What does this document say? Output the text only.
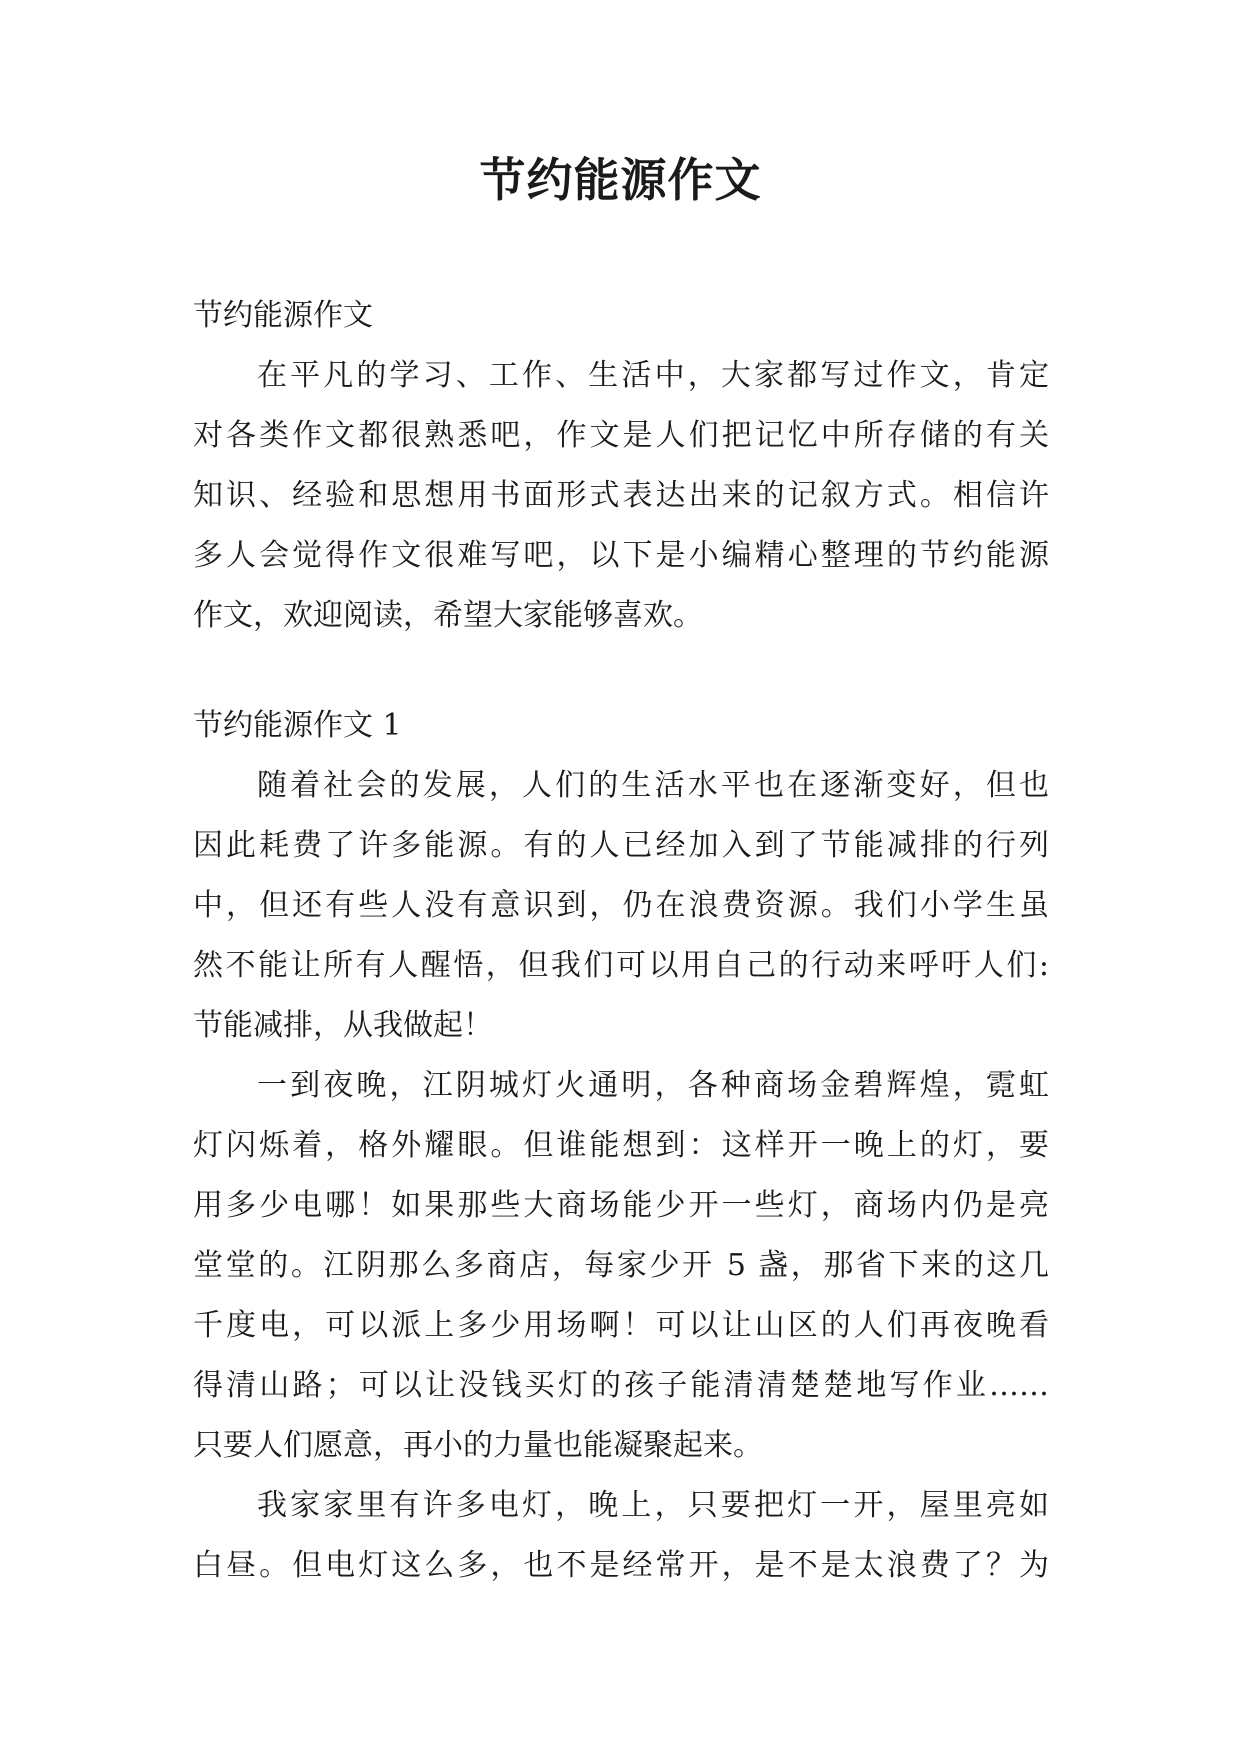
节约能源作文
节约能源作文
在平凡的学习、工作、生活中，大家都写过作文，肯定
对各类作文都很熟悉吧，作文是人们把记忆中所存储的有关
知识、经验和思想用书面形式表达出来的记叙方式。相信许
多人会觉得作文很难写吧，以下是小编精心整理的节约能源
作文，欢迎阅读，希望大家能够喜欢。
节约能源作文 1
随着社会的发展，人们的生活水平也在逐渐变好，但也
因此耗费了许多能源。有的人已经加入到了节能减排的行列
中，但还有些人没有意识到，仍在浪费资源。我们小学生虽
然不能让所有人醒悟，但我们可以用自己的行动来呼吁人们:
节能减排，从我做起！
一到夜晚，江阴城灯火通明，各种商场金碧辉煌，霓虹
灯闪烁着，格外耀眼。但谁能想到：这样开一晚上的灯，要
用多少电哪！如果那些大商场能少开一些灯，商场内仍是亮
堂堂的。江阴那么多商店，每家少开 5 盏，那省下来的这几
千度电，可以派上多少用场啊！可以让山区的人们再夜晚看
得清山路；可以让没钱买灯的孩子能清清楚楚地写作业……
只要人们愿意，再小的力量也能凝聚起来。
我家家里有许多电灯，晚上，只要把灯一开，屋里亮如
白昼。但电灯这么多，也不是经常开，是不是太浪费了？为
